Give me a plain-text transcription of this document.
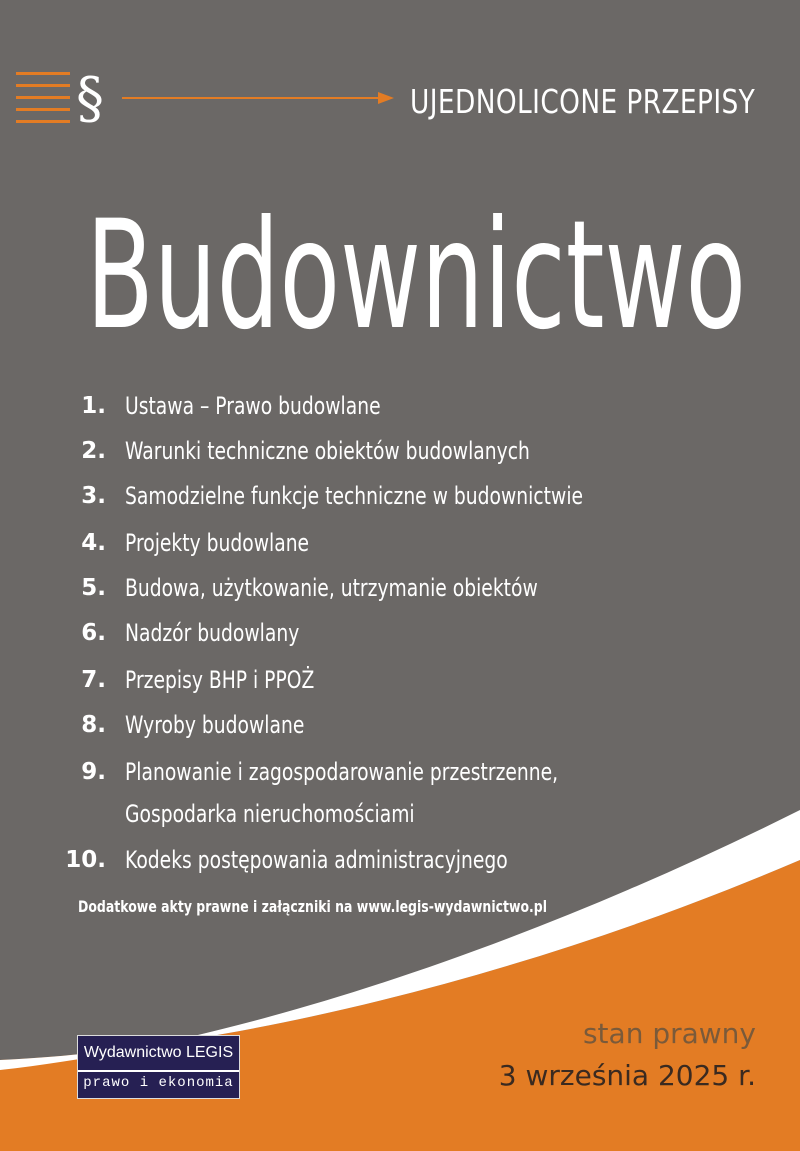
§	UJEDNOLICONE PRZEPISY
Budownictwo
1. Ustawa – Prawo budowlane
2. Warunki techniczne obiektów budowlanych
3. Samodzielne funkcje techniczne w budownictwie
4. Projekty budowlane
5. Budowa, użytkowanie, utrzymanie obiektów
6. Nadzór budowlany
7. Przepisy BHP i PPOŻ
8. Wyroby budowlane
9. Planowanie i zagospodarowanie przestrzenne,
Gospodarka nieruchomościami
10. Kodeks postępowania administracyjnego
Dodatkowe akty prawne i załączniki na www.legis-wydawnictwo.pl
stan prawny
3 września 2025 r.
Wydawnictwo LEGIS
prawo i ekonomia
